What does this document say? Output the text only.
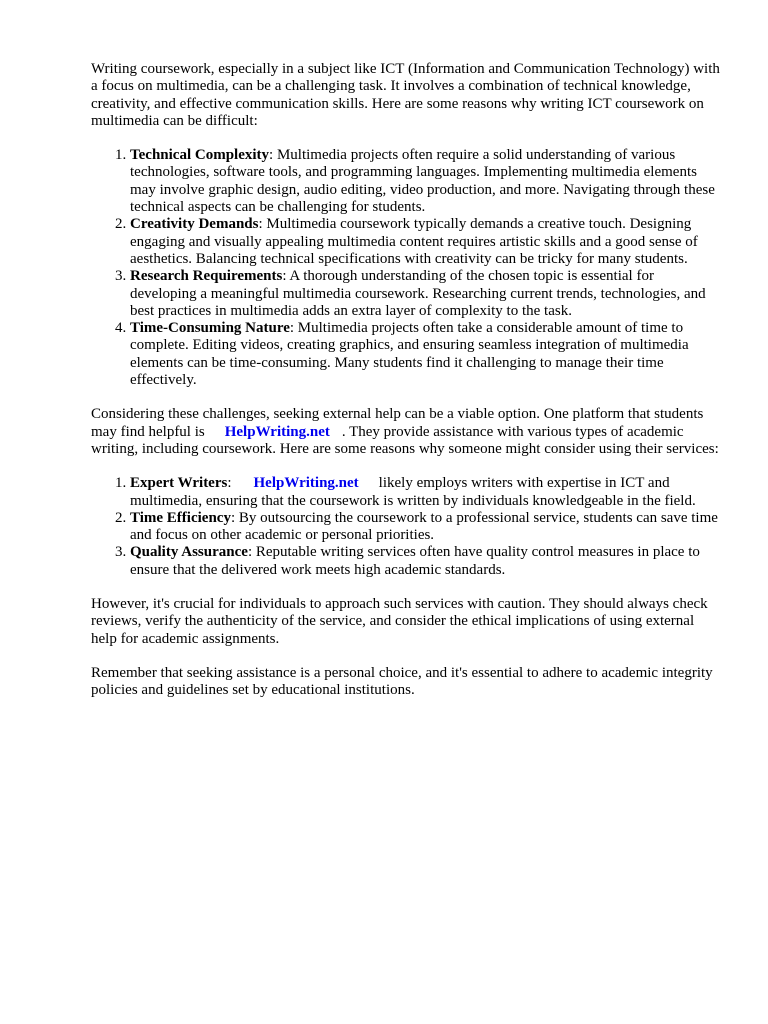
Writing coursework, especially in a subject like ICT (Information and Communication Technology) with a focus on multimedia, can be a challenging task. It involves a combination of technical knowledge, creativity, and effective communication skills. Here are some reasons why writing ICT coursework on multimedia can be difficult:

1. Technical Complexity: Multimedia projects often require a solid understanding of various technologies, software tools, and programming languages. Implementing multimedia elements may involve graphic design, audio editing, video production, and more. Navigating through these technical aspects can be challenging for students.
2. Creativity Demands: Multimedia coursework typically demands a creative touch. Designing engaging and visually appealing multimedia content requires artistic skills and a good sense of aesthetics. Balancing technical specifications with creativity can be tricky for many students.
3. Research Requirements: A thorough understanding of the chosen topic is essential for developing a meaningful multimedia coursework. Researching current trends, technologies, and best practices in multimedia adds an extra layer of complexity to the task.
4. Time-Consuming Nature: Multimedia projects often take a considerable amount of time to complete. Editing videos, creating graphics, and ensuring seamless integration of multimedia elements can be time-consuming. Many students find it challenging to manage their time effectively.

Considering these challenges, seeking external help can be a viable option. One platform that students may find helpful is HelpWriting.net . They provide assistance with various types of academic writing, including coursework. Here are some reasons why someone might consider using their services:

1. Expert Writers: HelpWriting.net likely employs writers with expertise in ICT and multimedia, ensuring that the coursework is written by individuals knowledgeable in the field.
2. Time Efficiency: By outsourcing the coursework to a professional service, students can save time and focus on other academic or personal priorities.
3. Quality Assurance: Reputable writing services often have quality control measures in place to ensure that the delivered work meets high academic standards.

However, it's crucial for individuals to approach such services with caution. They should always check reviews, verify the authenticity of the service, and consider the ethical implications of using external help for academic assignments.

Remember that seeking assistance is a personal choice, and it's essential to adhere to academic integrity policies and guidelines set by educational institutions.
